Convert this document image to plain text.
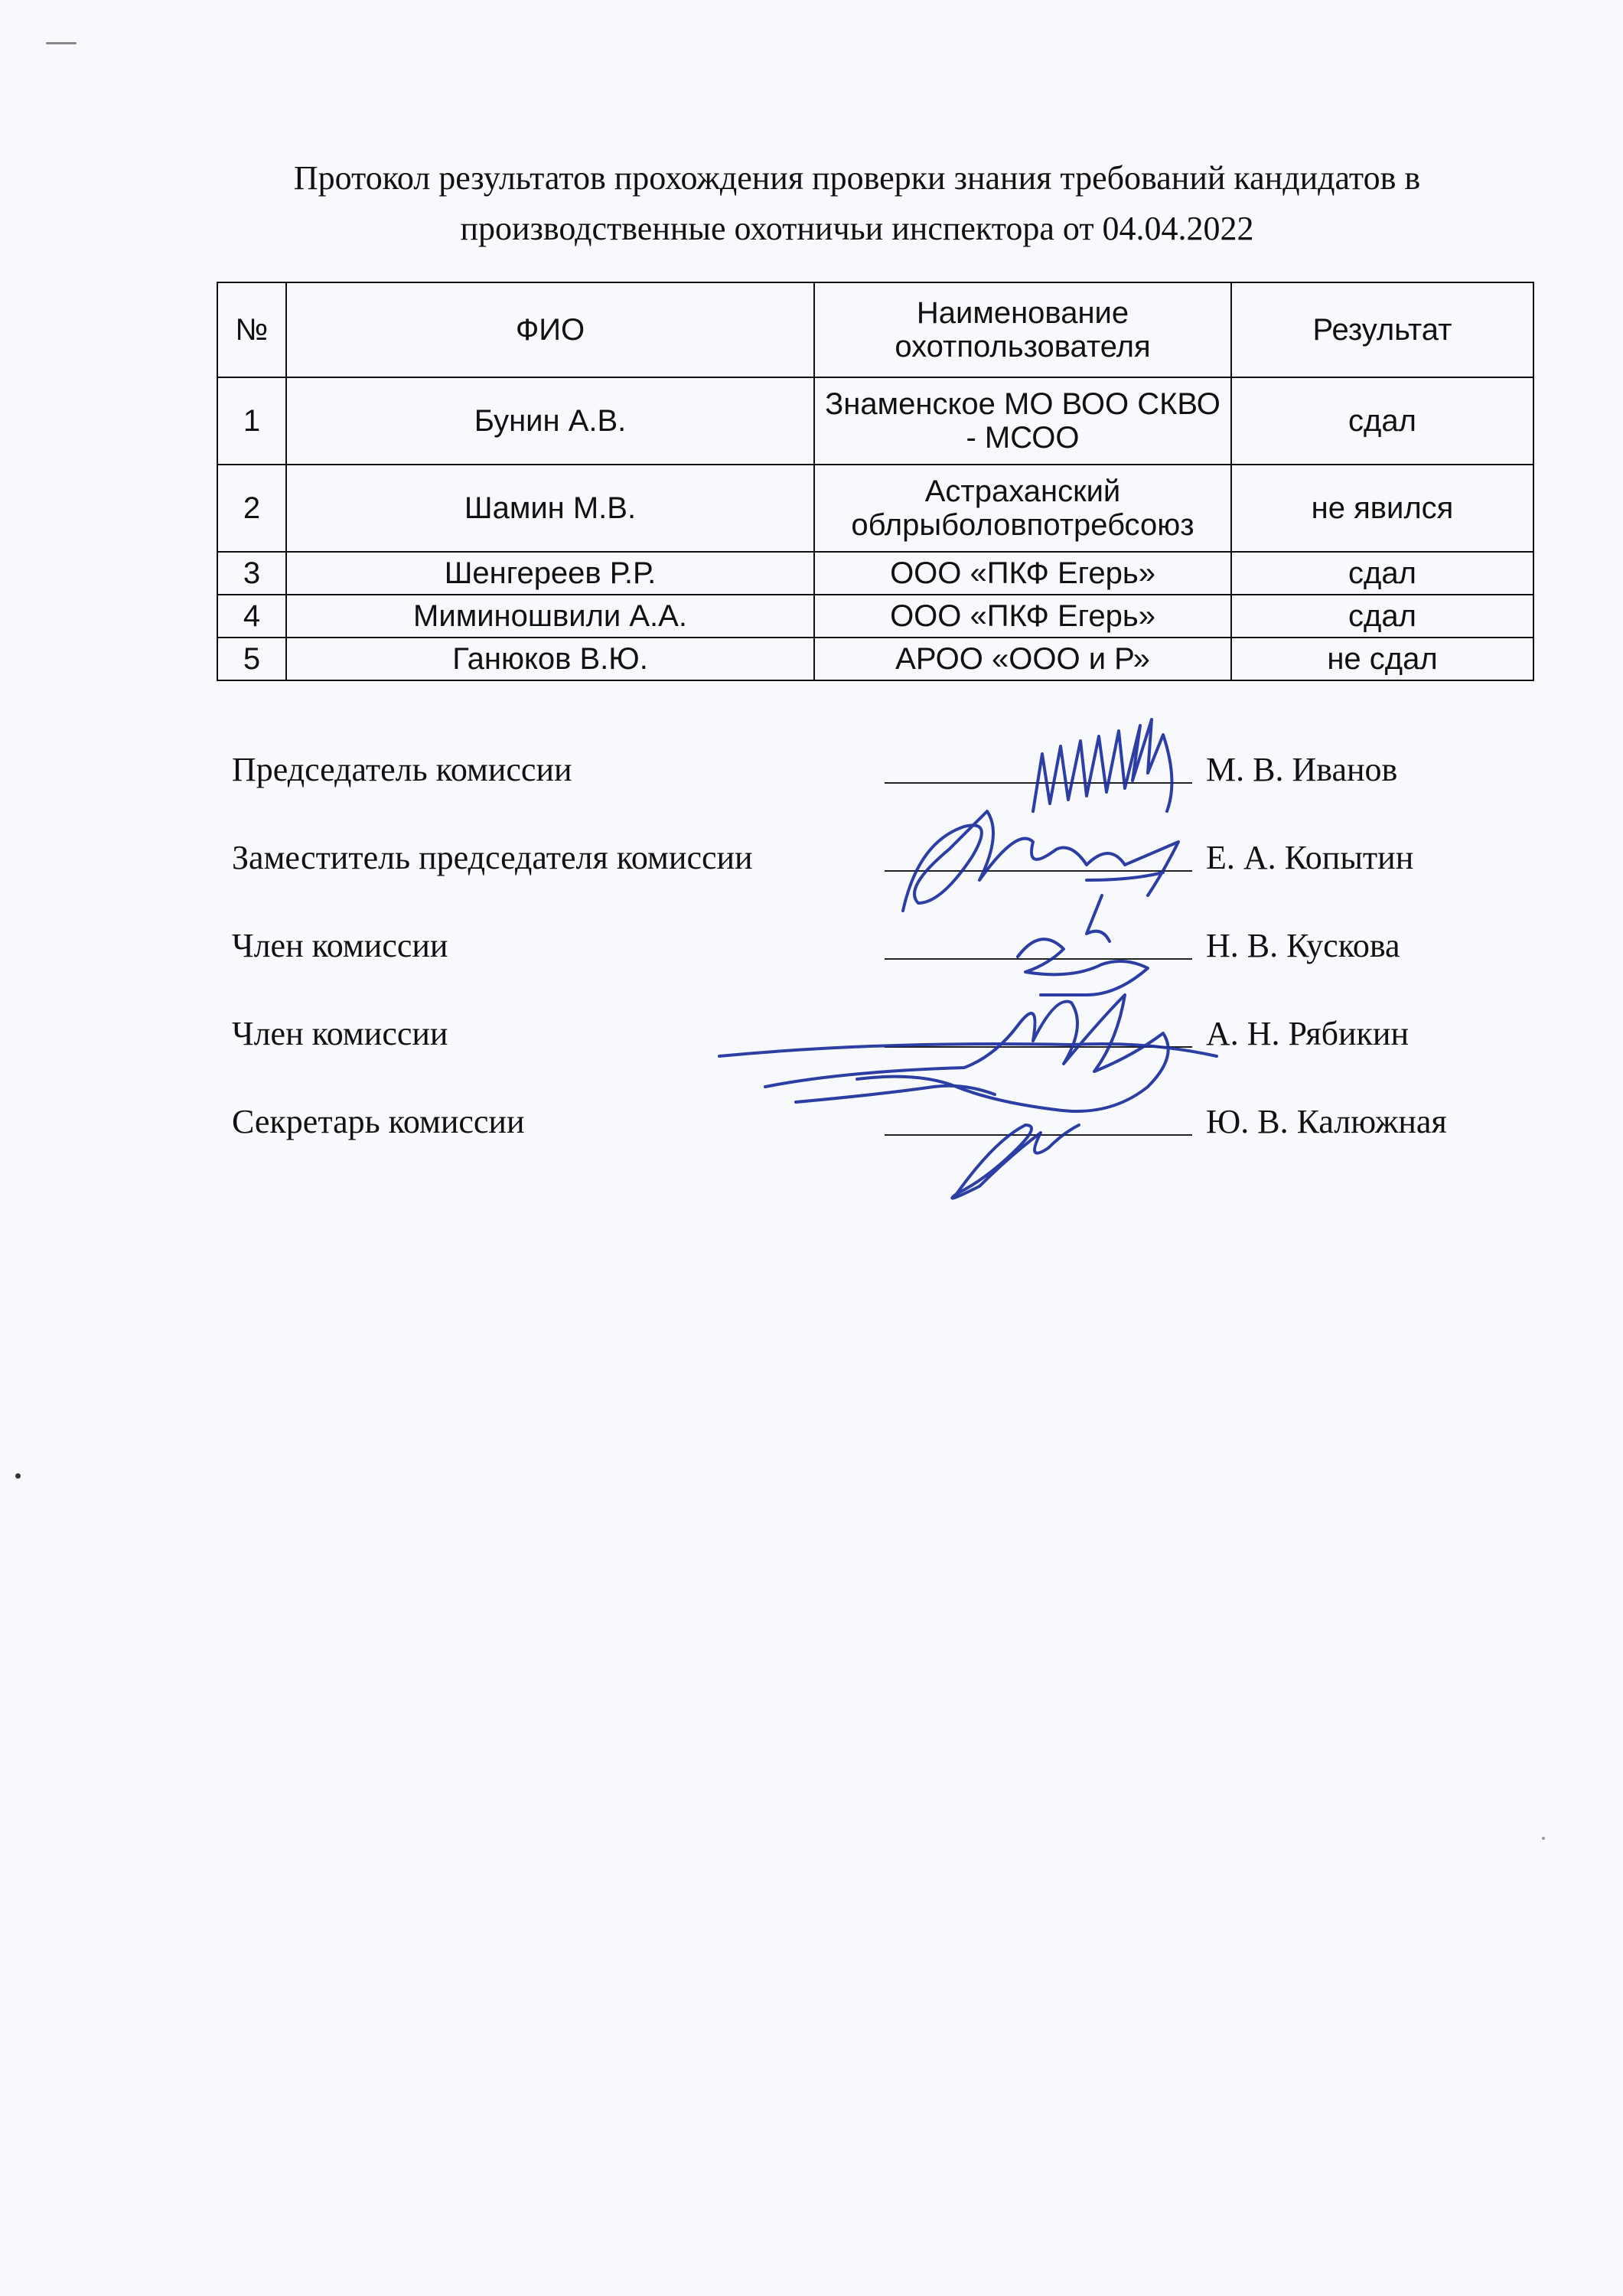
Протокол результатов прохождения проверки знания требований кандидатов в производственные охотничьи инспектора от 04.04.2022
№	ФИО	Наименование охотпользователя	Результат
1	Бунин А.В.	Знаменское МО ВОО СКВО - МСОО	сдал
2	Шамин М.В.	Астраханский облрыболовпотребсоюз	не явился
3	Шенгереев Р.Р.	ООО «ПКФ Егерь»	сдал
4	Миминошвили А.А.	ООО «ПКФ Егерь»	сдал
5	Ганюков В.Ю.	АРОО «ООО и Р»	не сдал
Председатель комиссии	М. В. Иванов
Заместитель председателя комиссии	Е. А. Копытин
Член комиссии	Н. В. Кускова
Член комиссии	А. Н. Рябикин
Секретарь комиссии	Ю. В. Калюжная
